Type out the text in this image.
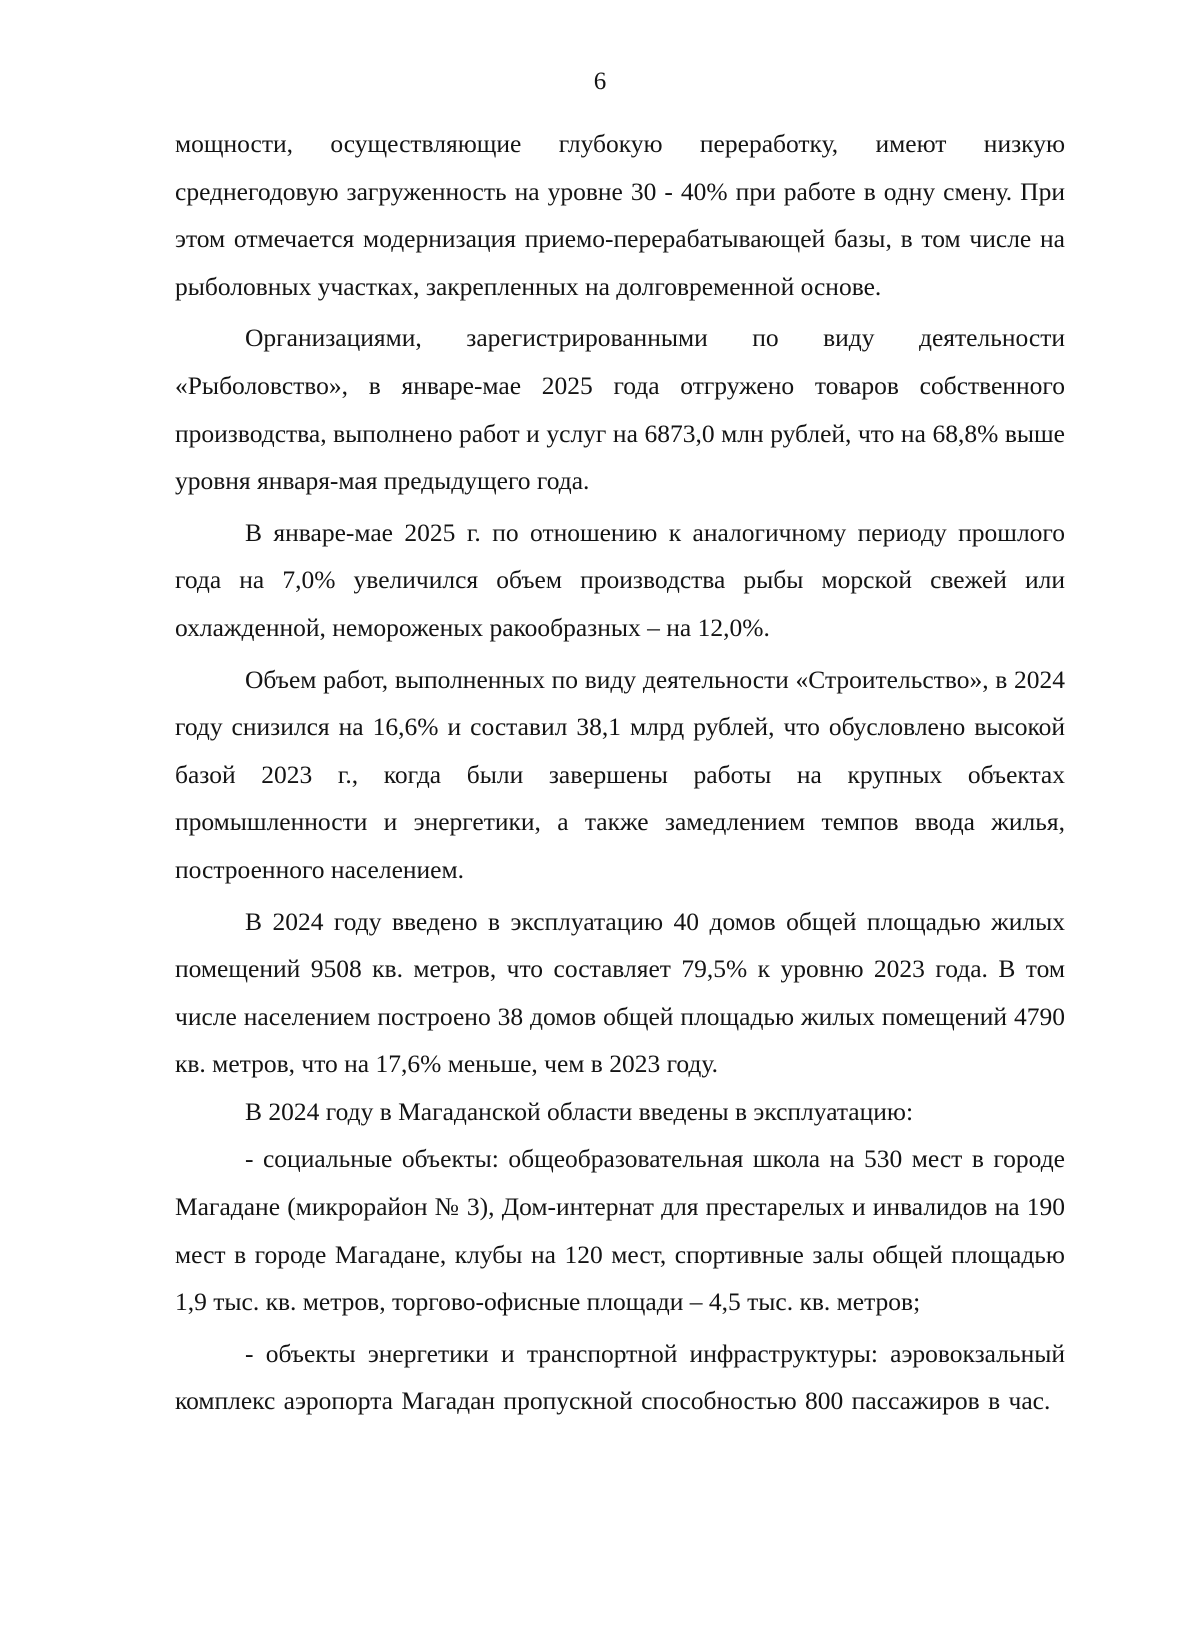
6

мощности, осуществляющие глубокую переработку, имеют низкую среднегодовую загруженность на уровне 30 - 40% при работе в одну смену. При этом отмечается модернизация приемо-перерабатывающей базы, в том числе на рыболовных участках, закрепленных на долговременной основе.

Организациями, зарегистрированными по виду деятельности «Рыболовство», в январе-мае 2025 года отгружено товаров собственного производства, выполнено работ и услуг на 6873,0 млн рублей, что на 68,8% выше уровня января-мая предыдущего года.

В январе-мае 2025 г. по отношению к аналогичному периоду прошлого года на 7,0% увеличился объем производства рыбы морской свежей или охлажденной, немороженых ракообразных – на 12,0%.

Объем работ, выполненных по виду деятельности «Строительство», в 2024 году снизился на 16,6% и составил 38,1 млрд рублей, что обусловлено высокой базой 2023 г., когда были завершены работы на крупных объектах промышленности и энергетики, а также замедлением темпов ввода жилья, построенного населением.

В 2024 году введено в эксплуатацию 40 домов общей площадью жилых помещений 9508 кв. метров, что составляет 79,5% к уровню 2023 года. В том числе населением построено 38 домов общей площадью жилых помещений 4790 кв. метров, что на 17,6% меньше, чем в 2023 году.

В 2024 году в Магаданской области введены в эксплуатацию:

- социальные объекты: общеобразовательная школа на 530 мест в городе Магадане (микрорайон № 3), Дом-интернат для престарелых и инвалидов на 190 мест в городе Магадане, клубы на 120 мест, спортивные залы общей площадью 1,9 тыс. кв. метров, торгово-офисные площади – 4,5 тыс. кв. метров;

- объекты энергетики и транспортной инфраструктуры: аэровокзальный комплекс аэропорта Магадан пропускной способностью 800 пассажиров в час.
